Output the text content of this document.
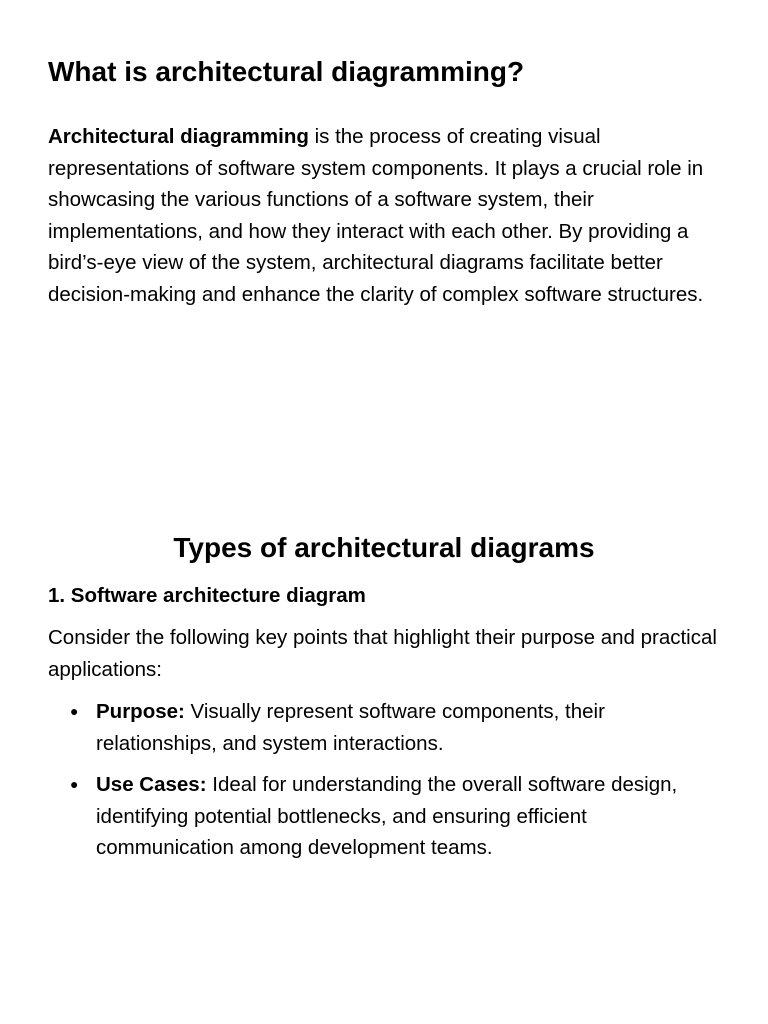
What is architectural diagramming?

Architectural diagramming is the process of creating visual representations of software system components. It plays a crucial role in showcasing the various functions of a software system, their implementations, and how they interact with each other. By providing a bird’s-eye view of the system, architectural diagrams facilitate better decision-making and enhance the clarity of complex software structures.

Types of architectural diagrams
1. Software architecture diagram

Consider the following key points that highlight their purpose and practical applications:

● Purpose: Visually represent software components, their relationships, and system interactions.
● Use Cases: Ideal for understanding the overall software design, identifying potential bottlenecks, and ensuring efficient communication among development teams.
